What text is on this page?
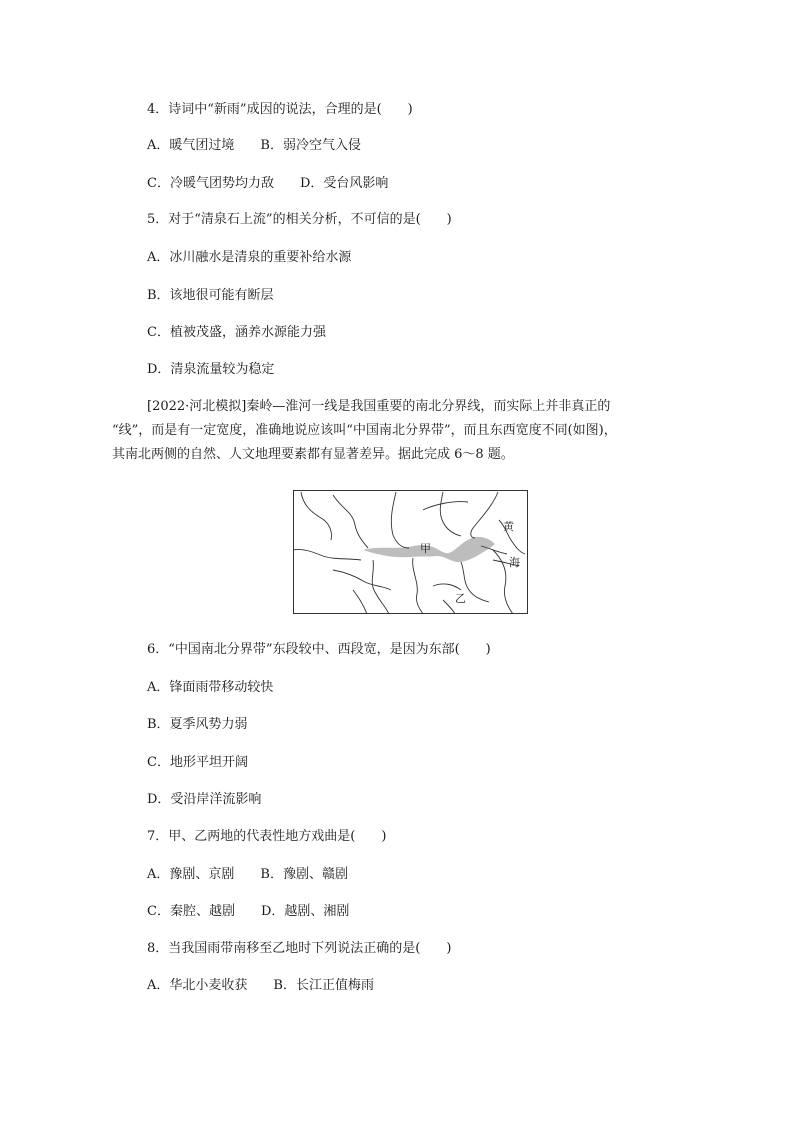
4．诗词中“新雨”成因的说法，合理的是(　　)
A．暖气团过境　　B．弱冷空气入侵
C．冷暖气团势均力敌　　D．受台风影响
5．对于“清泉石上流”的相关分析，不可信的是(　　)
A．冰川融水是清泉的重要补给水源
B．该地很可能有断层
C．植被茂盛，涵养水源能力强
D．清泉流量较为稳定
[2022·河北模拟]秦岭—淮河一线是我国重要的南北分界线，而实际上并非真正的
“线”，而是有一定宽度，准确地说应该叫“中国南北分界带”，而且东西宽度不同(如图)，
其南北两侧的自然、人文地理要素都有显著差异。据此完成 6～8 题。
甲
乙
黄
海
6．“中国南北分界带”东段较中、西段宽，是因为东部(　　)
A．锋面雨带移动较快
B．夏季风势力弱
C．地形平坦开阔
D．受沿岸洋流影响
7．甲、乙两地的代表性地方戏曲是(　　)
A．豫剧、京剧　　B．豫剧、赣剧
C．秦腔、越剧　　D．越剧、湘剧
8．当我国雨带南移至乙地时下列说法正确的是(　　)
A．华北小麦收获　　B．长江正值梅雨
